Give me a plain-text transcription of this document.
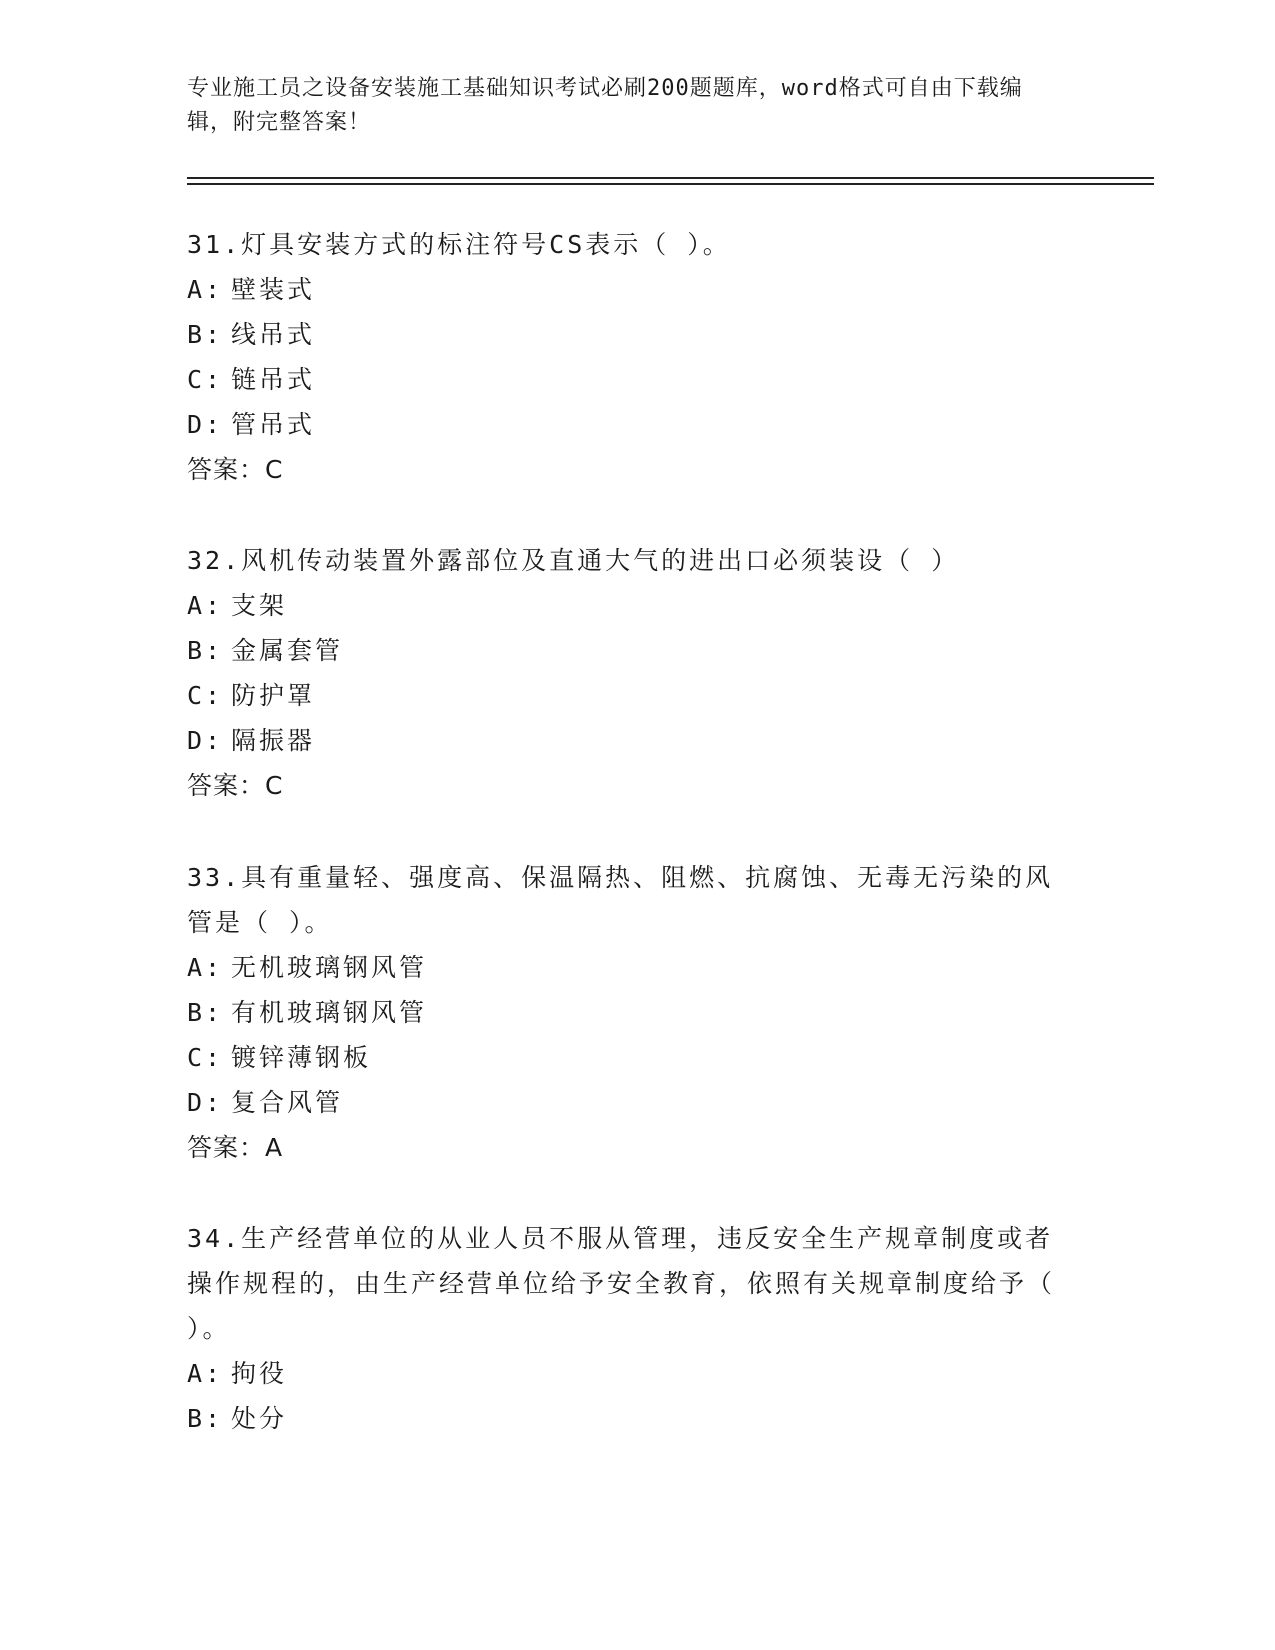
专业施工员之设备安装施工基础知识考试必刷200题题库，word格式可自由下载编辑，附完整答案！
31.灯具安装方式的标注符号CS表示（ ）。
A: 壁装式
B: 线吊式
C: 链吊式
D: 管吊式
答案：C
32.风机传动装置外露部位及直通大气的进出口必须装设（ ）
A: 支架
B: 金属套管
C: 防护罩
D: 隔振器
答案：C
33.具有重量轻、强度高、保温隔热、阻燃、抗腐蚀、无毒无污染的风管是（ ）。
A: 无机玻璃钢风管
B: 有机玻璃钢风管
C: 镀锌薄钢板
D: 复合风管
答案：A
34.生产经营单位的从业人员不服从管理，违反安全生产规章制度或者操作规程的，由生产经营单位给予安全教育，依照有关规章制度给予（ ）。
A: 拘役
B: 处分
